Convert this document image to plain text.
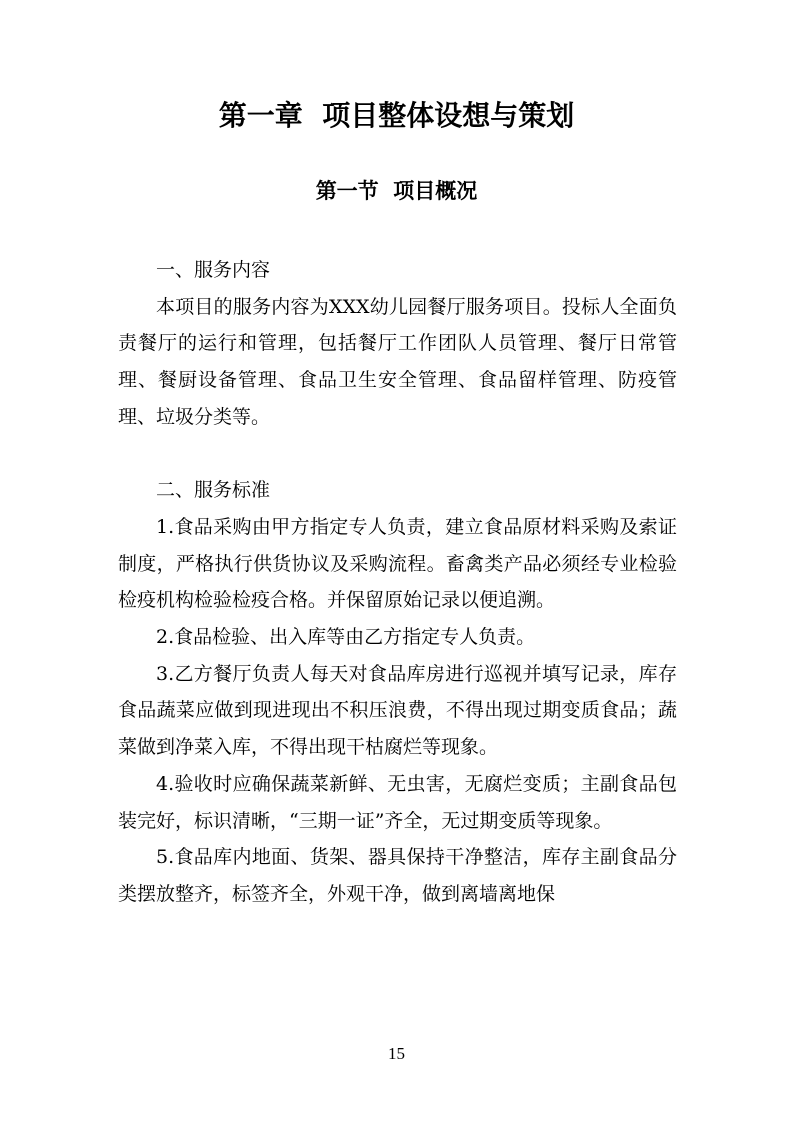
第一章  项目整体设想与策划
第一节  项目概况

一、服务内容

本项目的服务内容为XXX幼儿园餐厅服务项目。投标人全面负责餐厅的运行和管理，包括餐厅工作团队人员管理、餐厅日常管理、餐厨设备管理、食品卫生安全管理、食品留样管理、防疫管理、垃圾分类等。

二、服务标准

1.食品采购由甲方指定专人负责，建立食品原材料采购及索证制度，严格执行供货协议及采购流程。畜禽类产品必须经专业检验检疫机构检验检疫合格。并保留原始记录以便追溯。

2.食品检验、出入库等由乙方指定专人负责。

3.乙方餐厅负责人每天对食品库房进行巡视并填写记录，库存食品蔬菜应做到现进现出不积压浪费，不得出现过期变质食品；蔬菜做到净菜入库，不得出现干枯腐烂等现象。

4.验收时应确保蔬菜新鲜、无虫害，无腐烂变质；主副食品包装完好，标识清晰，“三期一证”齐全，无过期变质等现象。

5.食品库内地面、货架、器具保持干净整洁，库存主副食品分类摆放整齐，标签齐全，外观干净，做到离墙离地保

15
